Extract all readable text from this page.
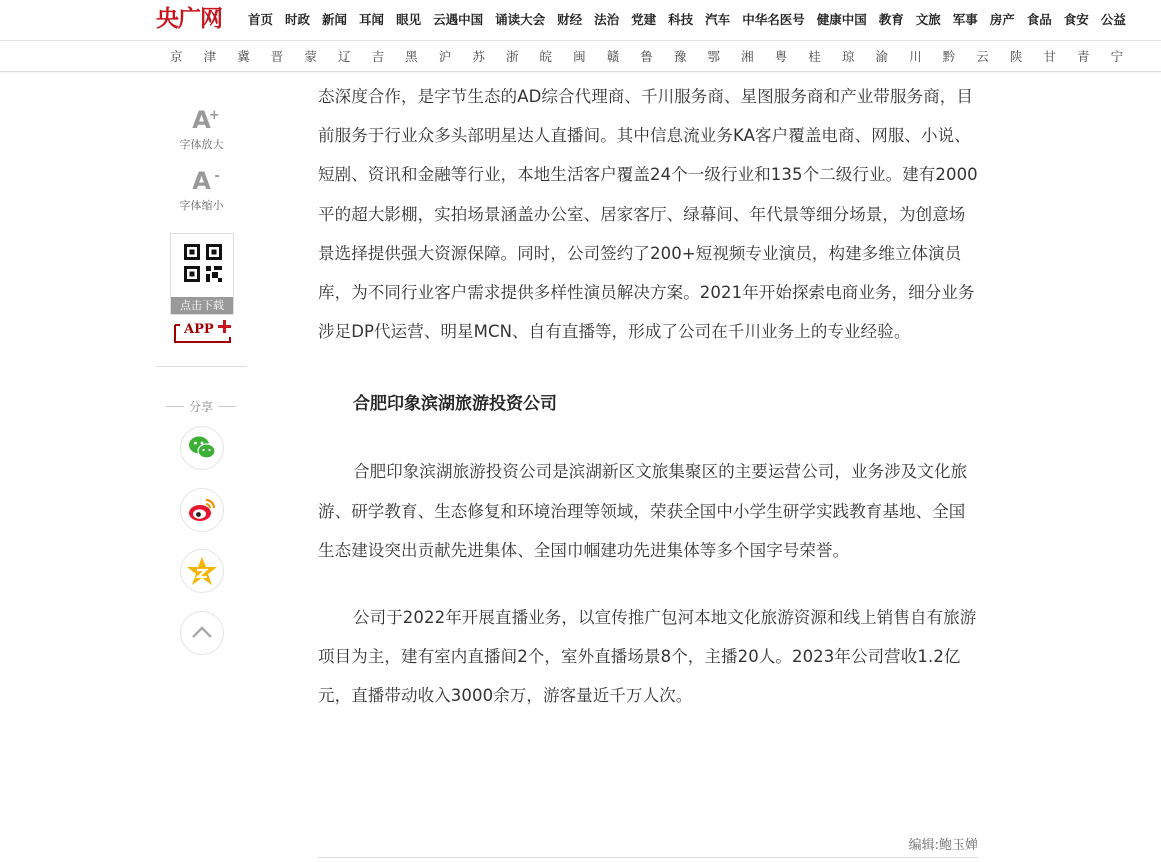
央广网 首页 时政 新闻 耳闻 眼见 云遇中国 诵读大会 财经 法治 党建 科技 汽车 中华名医号 健康中国 教育 文旅 军事 房产 食品 食安 公益
京	津	冀	晋	蒙	辽	吉	黑	沪	苏	浙	皖	闽	赣	鲁	豫	鄂	湘	粤	桂	琼	渝	川	黔	云	陕	甘	青	宁
A
+
字体放大
A -
字体缩小
点击下载
APP
分享

态深度合作，是字节生态的AD综合代理商、千川服务商、星图服务商和产业带服务商，目前服务于行业众多头部明星达人直播间。其中信息流业务KA客户覆盖电商、网服、小说、短剧、资讯和金融等行业，本地生活客户覆盖24个一级行业和135个二级行业。建有2000平的超大影棚，实拍场景涵盖办公室、居家客厅、绿幕间、年代景等细分场景，为创意场景选择提供强大资源保障。同时，公司签约了200+短视频专业演员，构建多维立体演员库，为不同行业客户需求提供多样性演员解决方案。2021年开始探索电商业务，细分业务涉足DP代运营、明星MCN、自有直播等，形成了公司在千川业务上的专业经验。

合肥印象滨湖旅游投资公司

合肥印象滨湖旅游投资公司是滨湖新区文旅集聚区的主要运营公司，业务涉及文化旅游、研学教育、生态修复和环境治理等领域，荣获全国中小学生研学实践教育基地、全国生态建设突出贡献先进集体、全国巾帼建功先进集体等多个国字号荣誉。

公司于2022年开展直播业务，以宣传推广包河本地文化旅游资源和线上销售自有旅游项目为主，建有室内直播间2个，室外直播场景8个，主播20人。2023年公司营收1.2亿元，直播带动收入3000余万，游客量近千万人次。

编辑:鲍玉婵
